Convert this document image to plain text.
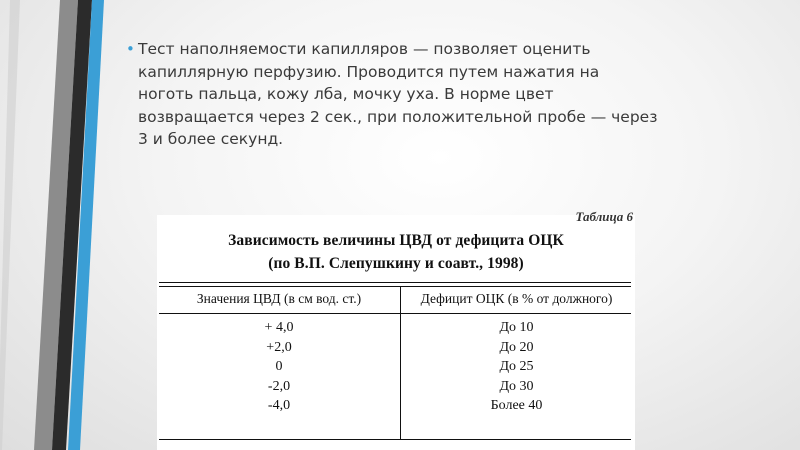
• Тест наполняемости капилляров — позволяет оценить
капиллярную перфузию. Проводится путем нажатия на ноготь пальца, кожу лба, мочку уха. В норме цвет возвращается через 2 сек., при положительной пробе — через 3 и более секунд.

Таблица 6
Зависимость величины ЦВД от дефицита ОЦК
(по В.П. Слепушкину и соавт., 1998)
Значения ЦВД (в см вод. ст.)	Дефицит ОЦК (в % от должного)
+ 4,0
+2,0
0
-2,0
-4,0
До 10
До 20
До 25
До 30
Более 40
